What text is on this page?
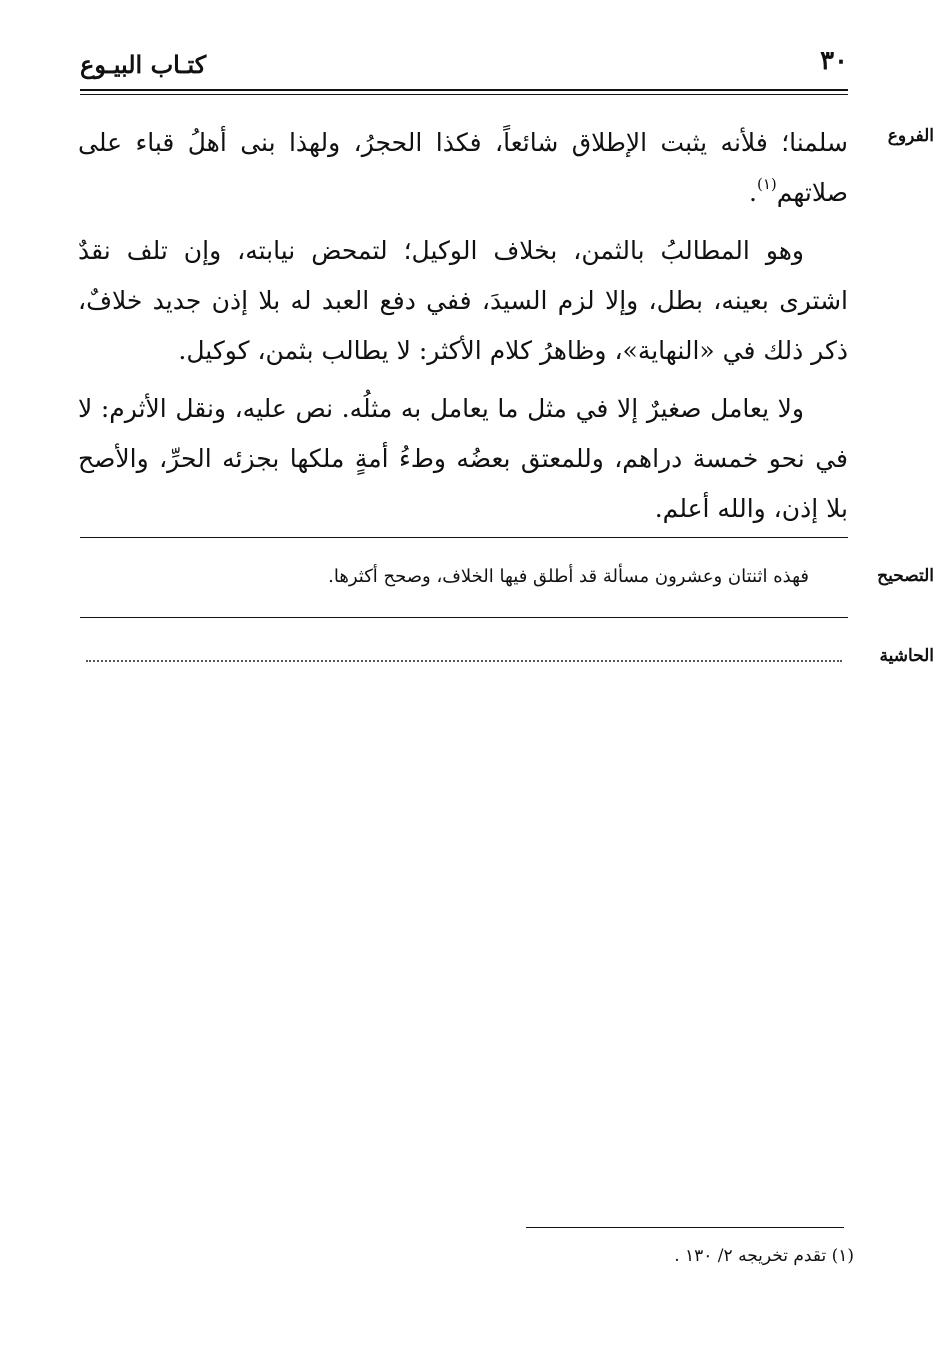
٣٠
كتـاب البيـوع
الفروع
التصحيح
الحاشية

سلمنا؛ فلأنه يثبت الإطلاق شائعاً، فكذا الحجرُ، ولهذا بنى أهلُ قباء على صلاتهم$^{(١)}$.

وهو المطالبُ بالثمن، بخلاف الوكيل؛ لتمحض نيابته، وإن تلف نقدٌ اشترى بعينه، بطل، وإلا لزم السيدَ، ففي دفع العبد له بلا إذن جديد خلافٌ، ذكر ذلك في «النهاية»، وظاهرُ كلام الأكثر: لا يطالب بثمن، كوكيل.

ولا يعامل صغيرٌ إلا في مثل ما يعامل به مثلُه. نص عليه، ونقل الأثرم: لا في نحو خمسة دراهم، وللمعتق بعضُه وطءُ أمةٍ ملكها بجزئه الحرِّ، والأصح بلا إذن، والله أعلم.

فهذه اثنتان وعشرون مسألة قد أطلق فيها الخلاف، وصحح أكثرها.
(١) تقدم تخريجه ٢/ ١٣٠ .
